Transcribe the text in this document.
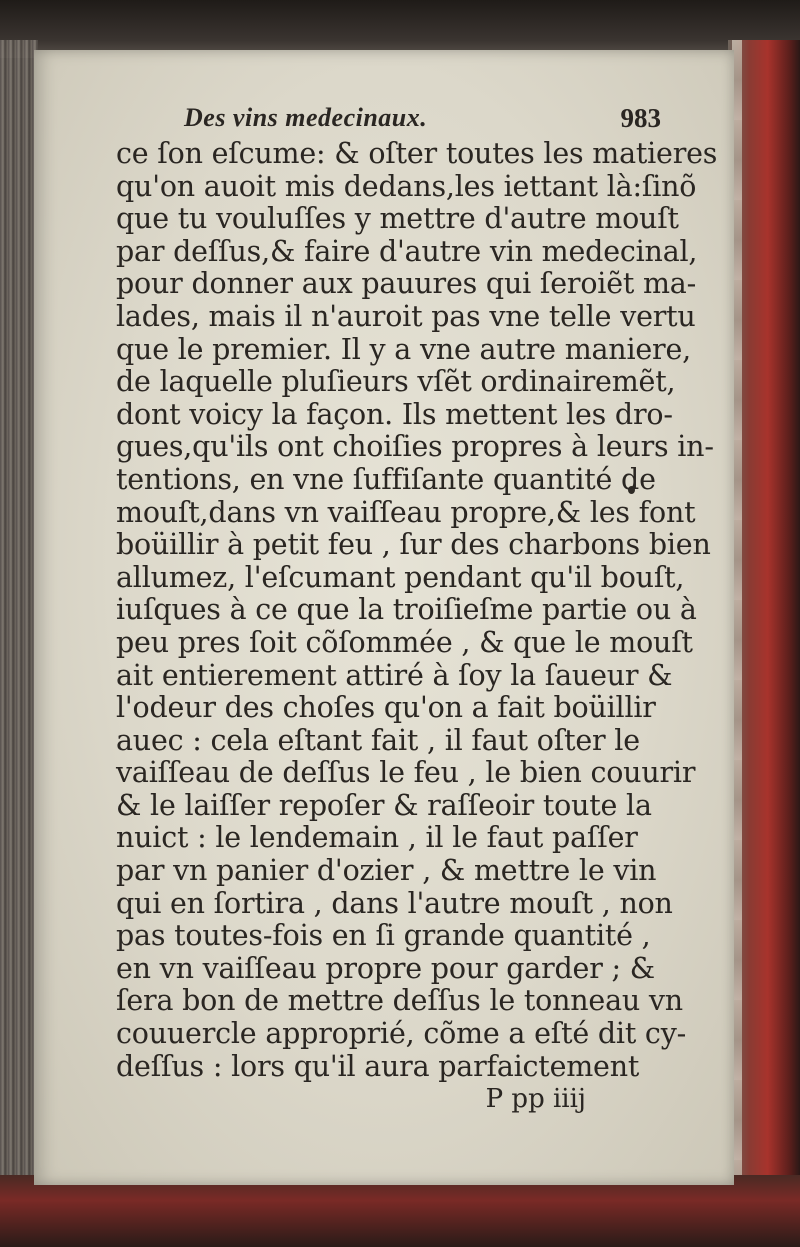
Des vins medecinaux.	983
ce ſon eſcume: & oſter toutes les matieres
qu'on auoit mis dedans,les iettant là:ſinõ
que tu vouluſſes y mettre d'autre mouſt
par deſſus,& faire d'autre vin medecinal,
pour donner aux pauures qui ſeroiẽt ma-
lades, mais il n'auroit pas vne telle vertu
que le premier. Il y a vne autre maniere,
de laquelle pluſieurs vſẽt ordinairemẽt,
dont voicy la façon. Ils mettent les dro-
gues,qu'ils ont choiſies propres à leurs in-
tentions, en vne ſuffiſante quantité de
mouſt,dans vn vaiſſeau propre,& les font
boüillir à petit feu , ſur des charbons bien
allumez, l'eſcumant pendant qu'il bouſt,
iuſques à ce que la troiſieſme partie ou à
peu pres ſoit cõſommée , & que le mouſt
ait entierement attiré à ſoy la ſaueur &
l'odeur des choſes qu'on a fait boüillir
auec : cela eſtant fait , il faut oſter le
vaiſſeau de deſſus le feu , le bien couurir
& le laiſſer repoſer & raſſeoir toute la
nuict : le lendemain , il le faut paſſer
par vn panier d'ozier , & mettre le vin
qui en ſortira , dans l'autre mouſt , non
pas toutes-fois en ſi grande quantité ,
en vn vaiſſeau propre pour garder ; &
ſera bon de mettre deſſus le tonneau vn
couuercle approprié, cõme a eſté dit cy-
deſſus : lors qu'il aura parfaictement
P pp iiij
